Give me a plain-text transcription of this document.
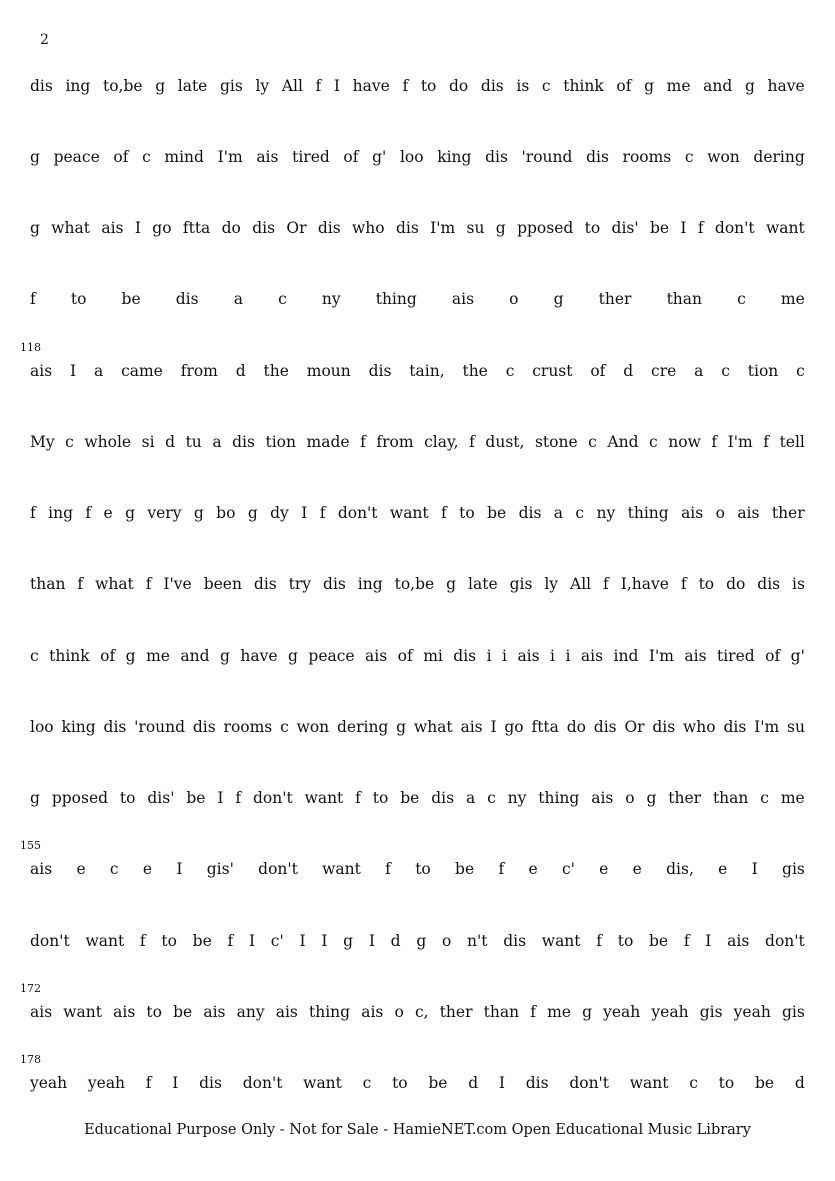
2
dis ing to,be g late gis ly All f I have f to do dis is c think of g me and g have
g peace of c mind I'm ais tired of g' loo king dis 'round dis rooms c won dering
g what ais I go ftta do dis Or dis who dis I'm su g pposed to dis' be I f don't want
f to be dis a c ny thing ais o g ther than c me
118
ais I a came from d the moun dis tain, the c crust of d cre a c tion c
My c whole si d tu a dis tion made f from clay, f dust, stone c And c now f I'm f tell
f ing f e g very g bo g dy I f don't want f to be dis a c ny thing ais o ais ther
than f what f I've been dis try dis ing to,be g late gis ly All f I,have f to do dis is
c think of g me and g have g peace ais of mi dis i i ais i i ais ind I'm ais tired of g'
loo king dis 'round dis rooms c won dering g what ais I go ftta do dis Or dis who dis I'm su
g pposed to dis' be I f don't want f to be dis a c ny thing ais o g ther than c me
155
ais e c e I gis' don't want f to be f e c' e e dis, e I gis
don't want f to be f I c' I I g I d g o n't dis want f to be f I ais don't
172
ais want ais to be ais any ais thing ais o c, ther than f me g yeah yeah gis yeah gis
178
yeah yeah f I dis don't want c to be d I dis don't want c to be d
Educational Purpose Only - Not for Sale - HamieNET.com Open Educational Music Library
